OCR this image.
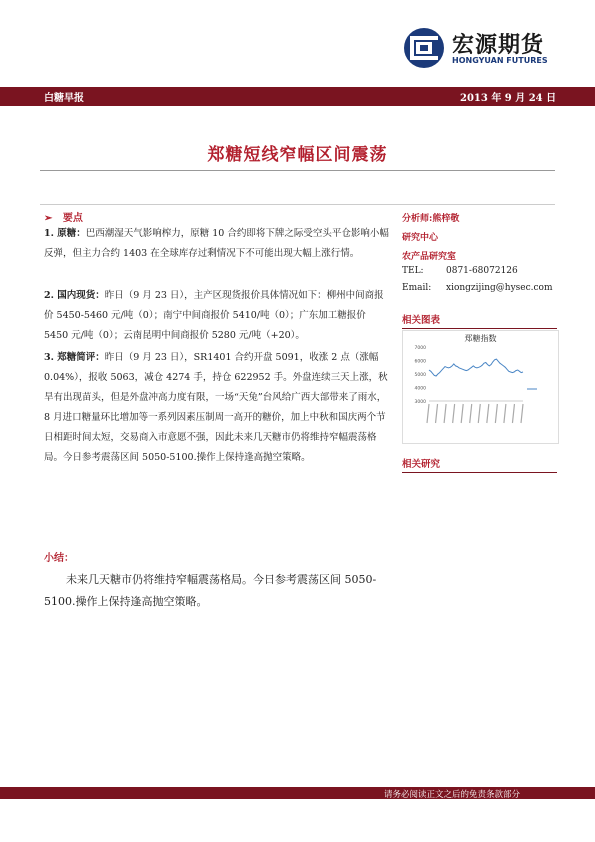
宏源期货
HONGYUAN FUTURES
白糖早报	2013 年 9 月 24 日
郑糖短线窄幅区间震荡
➢ 要点
1. 原糖：巴西潮湿天气影响榨力，原糖 10 合约即将下牌之际受空头平仓影响小幅反弹，但主力合约 1403 在全球库存过剩情况下不可能出现大幅上涨行情。
2. 国内现货：昨日（9 月 23 日），主产区现货报价具体情况如下：柳州中间商报价 5450-5460 元/吨（0）；南宁中间商报价 5410/吨（0）；广东加工糖报价 5450 元/吨（0）；云南昆明中间商报价 5280 元/吨（+20）。
3. 郑糖简评：昨日（9 月 23 日），SR1401 合约开盘 5091，收涨 2 点（涨幅 0.04%），报收 5063，减仓 4274 手，持仓 622952 手。外盘连续三天上涨，秋旱有出现苗头，但是外盘冲高力度有限，一场“天兔”台风给广西大部带来了雨水，8 月进口糖量环比增加等一系列因素压制周一高开的糖价，加上中秋和国庆两个节日相距时间太短，交易商入市意愿不强，因此未来几天糖市仍将维持窄幅震荡格局。今日参考震荡区间 5050-5100.操作上保持逢高抛空策略。
小结：
未来几天糖市仍将维持窄幅震荡格局。今日参考震荡区间 5050-5100.操作上保持逢高抛空策略。
分析师:熊梓敬
研究中心
农产品研究室
TEL: 0871-68072126
Email: xiongzijing@hysec.com
相关图表
郑糖指数
7000
6000
5000
4000
3000
相关研究
请务必阅读正文之后的免责条款部分
